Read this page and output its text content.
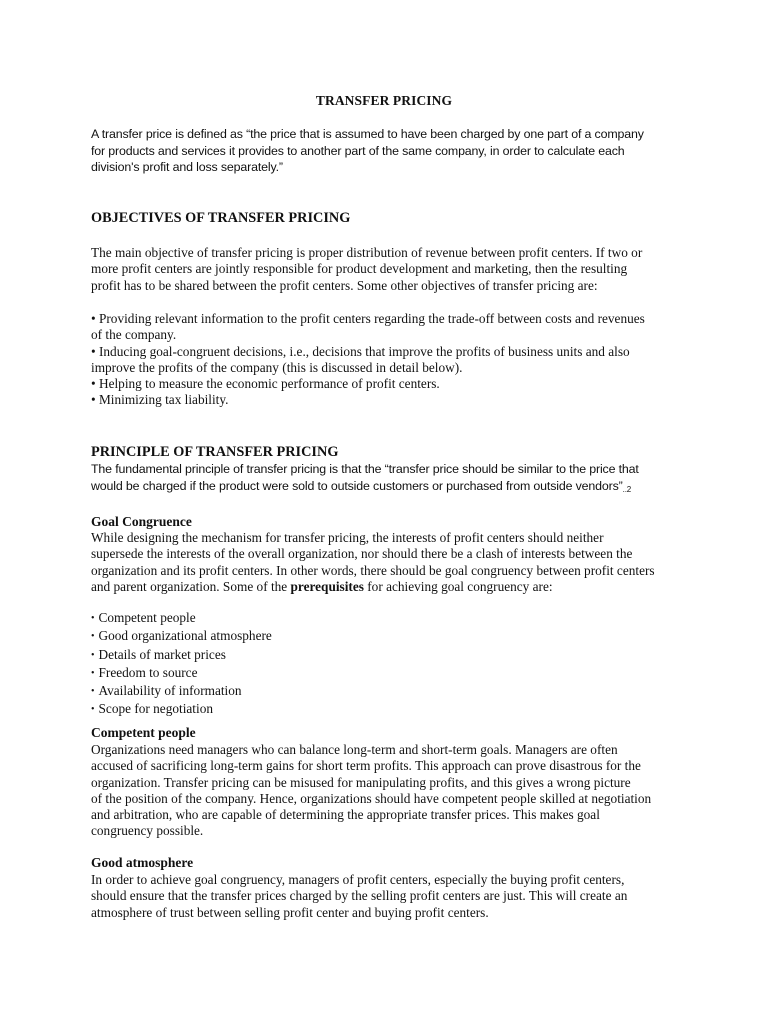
TRANSFER PRICING
A transfer price is defined as “the price that is assumed to have been charged by one part of a company
for products and services it provides to another part of the same company, in order to calculate each
division's profit and loss separately.”
OBJECTIVES OF TRANSFER PRICING
The main objective of transfer pricing is proper distribution of revenue between profit centers. If two or
more profit centers are jointly responsible for product development and marketing, then the resulting
profit has to be shared between the profit centers. Some other objectives of transfer pricing are:
• Providing relevant information to the profit centers regarding the trade-off between costs and revenues
of the company.
• Inducing goal-congruent decisions, i.e., decisions that improve the profits of business units and also
improve the profits of the company (this is discussed in detail below).
• Helping to measure the economic performance of profit centers.
• Minimizing tax liability.
PRINCIPLE OF TRANSFER PRICING
The fundamental principle of transfer pricing is that the “transfer price should be similar to the price that
would be charged if the product were sold to outside customers or purchased from outside $vendors”_{..2}$
Goal Congruence
While designing the mechanism for transfer pricing, the interests of profit centers should neither
supersede the interests of the overall organization, nor should there be a clash of interests between the
organization and its profit centers. In other words, there should be goal congruency between profit centers
and parent organization. Some of the prerequisites for achieving goal congruency are:
• Competent people
• Good organizational atmosphere
• Details of market prices
• Freedom to source
• Availability of information
• Scope for negotiation
Competent people
Organizations need managers who can balance long-term and short-term goals. Managers are often
accused of sacrificing long-term gains for short term profits. This approach can prove disastrous for the
organization. Transfer pricing can be misused for manipulating profits, and this gives a wrong picture
of the position of the company. Hence, organizations should have competent people skilled at negotiation
and arbitration, who are capable of determining the appropriate transfer prices. This makes goal
congruency possible.
Good atmosphere
In order to achieve goal congruency, managers of profit centers, especially the buying profit centers,
should ensure that the transfer prices charged by the selling profit centers are just. This will create an
atmosphere of trust between selling profit center and buying profit centers.
